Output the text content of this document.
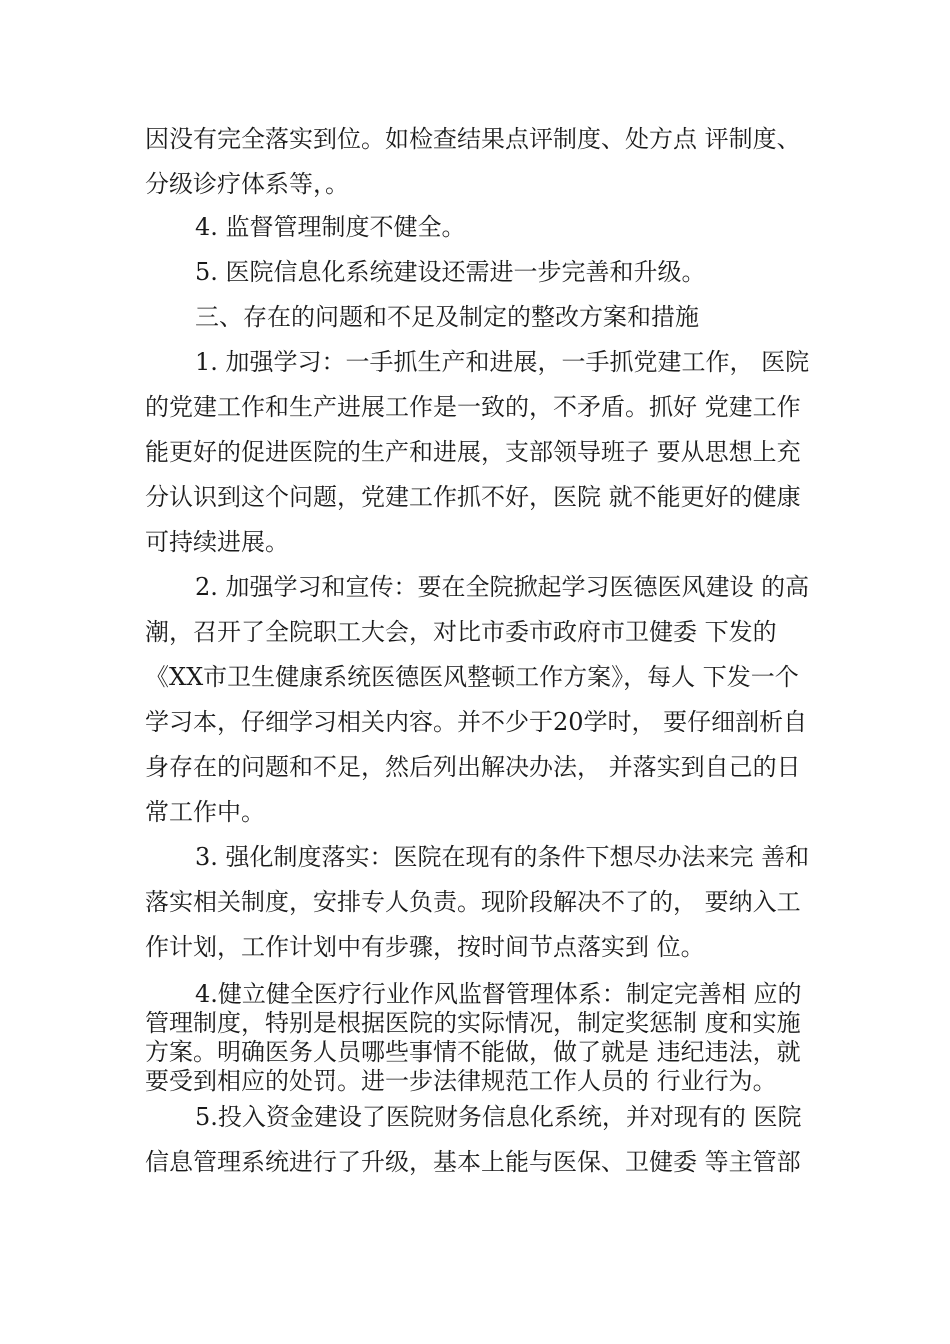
因没有完全落实到位。如检查结果点评制度、处方点 评制度、
分级诊疗体系等，。
4. 监督管理制度不健全。
5. 医院信息化系统建设还需进一步完善和升级。
三、存在的问题和不足及制定的整改方案和措施
1. 加强学习：一手抓生产和进展，一手抓党建工作， 医院
的党建工作和生产进展工作是一致的，不矛盾。抓好 党建工作
能更好的促进医院的生产和进展，支部领导班子 要从思想上充
分认识到这个问题，党建工作抓不好，医院 就不能更好的健康
可持续进展。
2. 加强学习和宣传：要在全院掀起学习医德医风建设 的高
潮，召开了全院职工大会，对比市委市政府市卫健委 下发的
《XX市卫生健康系统医德医风整顿工作方案》，每人 下发一个
学习本，仔细学习相关内容。并不少于20学时， 要仔细剖析自
身存在的问题和不足，然后列出解决办法， 并落实到自己的日
常工作中。
3. 强化制度落实：医院在现有的条件下想尽办法来完 善和
落实相关制度，安排专人负责。现阶段解决不了的， 要纳入工
作计划，工作计划中有步骤，按时间节点落实到 位。
4.健立健全医疗行业作风监督管理体系：制定完善相 应的
管理制度，特别是根据医院的实际情况，制定奖惩制 度和实施
方案。明确医务人员哪些事情不能做，做了就是 违纪违法，就
要受到相应的处罚。进一步法律规范工作人员的 行业行为。
5.投入资金建设了医院财务信息化系统，并对现有的 医院
信息管理系统进行了升级，基本上能与医保、卫健委 等主管部
